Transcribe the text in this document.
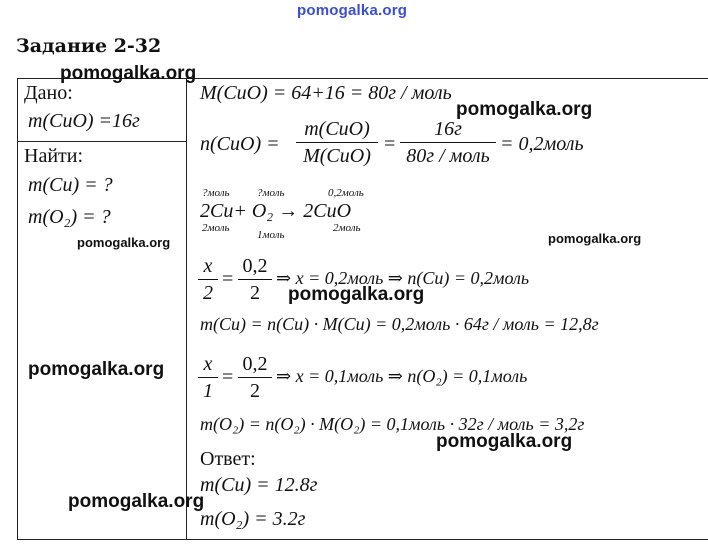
pomogalka.org
Задание 2-32
Дано:
m(CuO) =16г
Найти:
m(Cu) = ?
m(O₂) = ?
M(CuO) = 64+16 = 80г / моль
n(CuO) =
m(CuO)
M(CuO)
=
16г
80г / моль
= 0,2моль
?моль ?моль	0,2моль
2Cu+ O₂ → 2CuO
2моль
1моль
2моль
x
2
=
0,2
2
⇒ x = 0,2моль ⇒ n(Cu) = 0,2моль
m(Cu) = n(Cu) · M(Cu) = 0,2моль · 64г / моль = 12,8г
x
1
=
0,2
2
⇒ x = 0,1моль ⇒ n(O₂) = 0,1моль
m(O₂) = n(O₂) · M(O₂) = 0,1моль · 32г / моль = 3,2г
Ответ:
m(Cu) = 12.8г
m(O₂) = 3.2г
pomogalka.org
pomogalka.org
pomogalka.org	pomogalka.org
pomogalka.org
pomogalka.org
pomogalka.org
pomogalka.org
